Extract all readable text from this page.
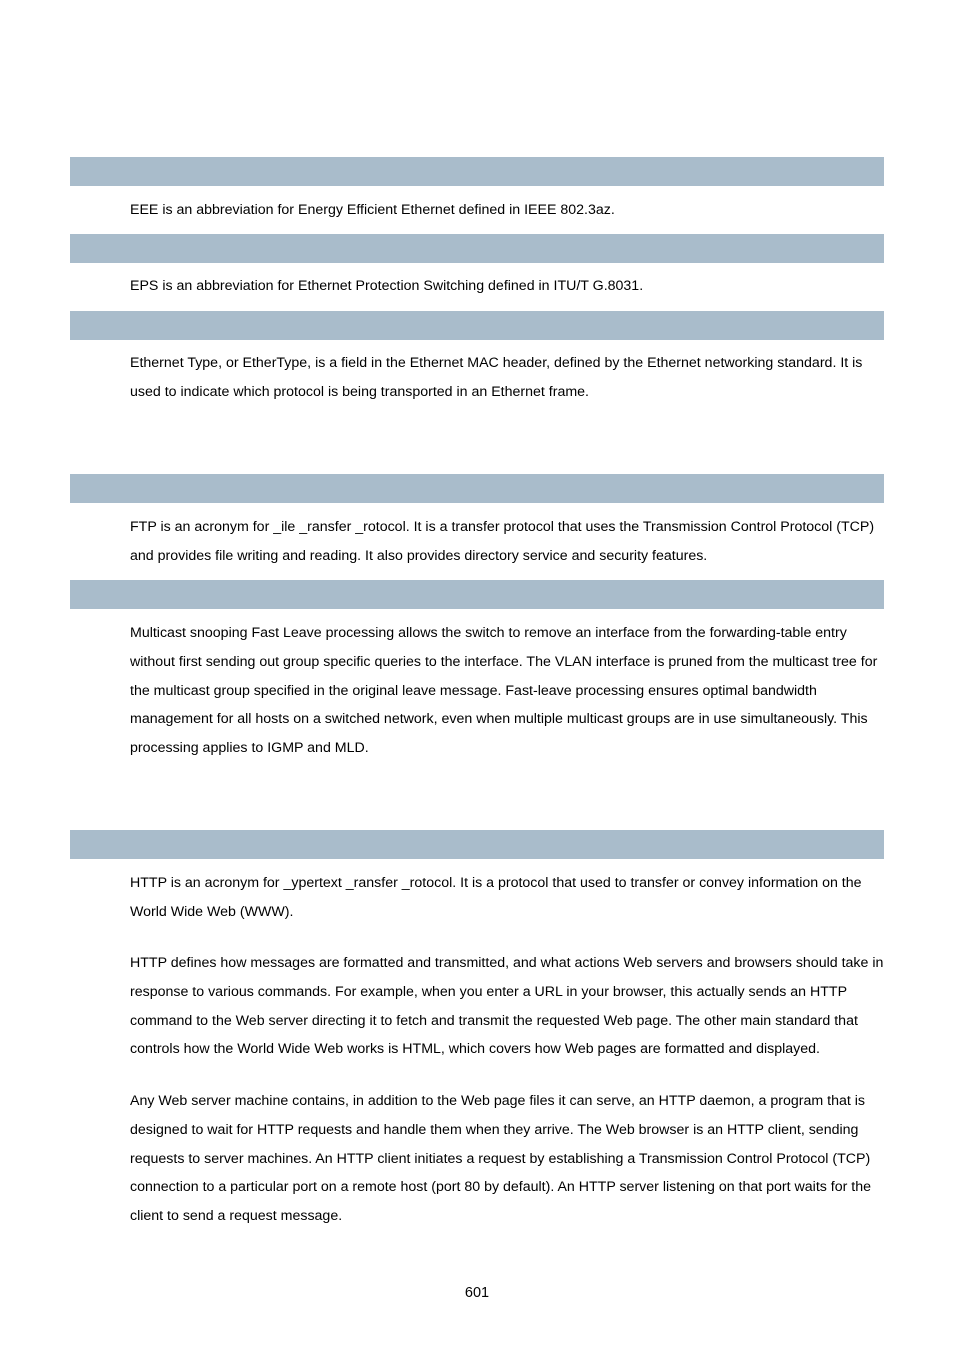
EEE is an abbreviation for Energy Efficient Ethernet defined in IEEE 802.3az.

EPS is an abbreviation for Ethernet Protection Switching defined in ITU/T G.8031.

Ethernet Type, or EtherType, is a field in the Ethernet MAC header, defined by the Ethernet networking standard. It is used to indicate which protocol is being transported in an Ethernet frame.

FTP is an acronym for _ile _ransfer _rotocol. It is a transfer protocol that uses the Transmission Control Protocol (TCP) and provides file writing and reading. It also provides directory service and security features.

Multicast snooping Fast Leave processing allows the switch to remove an interface from the forwarding-table entry without first sending out group specific queries to the interface. The VLAN interface is pruned from the multicast tree for the multicast group specified in the original leave message. Fast-leave processing ensures optimal bandwidth management for all hosts on a switched network, even when multiple multicast groups are in use simultaneously. This processing applies to IGMP and MLD.

HTTP is an acronym for _ypertext _ransfer _rotocol. It is a protocol that used to transfer or convey information on the World Wide Web (WWW).

HTTP defines how messages are formatted and transmitted, and what actions Web servers and browsers should take in response to various commands. For example, when you enter a URL in your browser, this actually sends an HTTP command to the Web server directing it to fetch and transmit the requested Web page. The other main standard that controls how the World Wide Web works is HTML, which covers how Web pages are formatted and displayed.

Any Web server machine contains, in addition to the Web page files it can serve, an HTTP daemon, a program that is designed to wait for HTTP requests and handle them when they arrive. The Web browser is an HTTP client, sending requests to server machines. An HTTP client initiates a request by establishing a Transmission Control Protocol (TCP) connection to a particular port on a remote host (port 80 by default). An HTTP server listening on that port waits for the client to send a request message.

601
